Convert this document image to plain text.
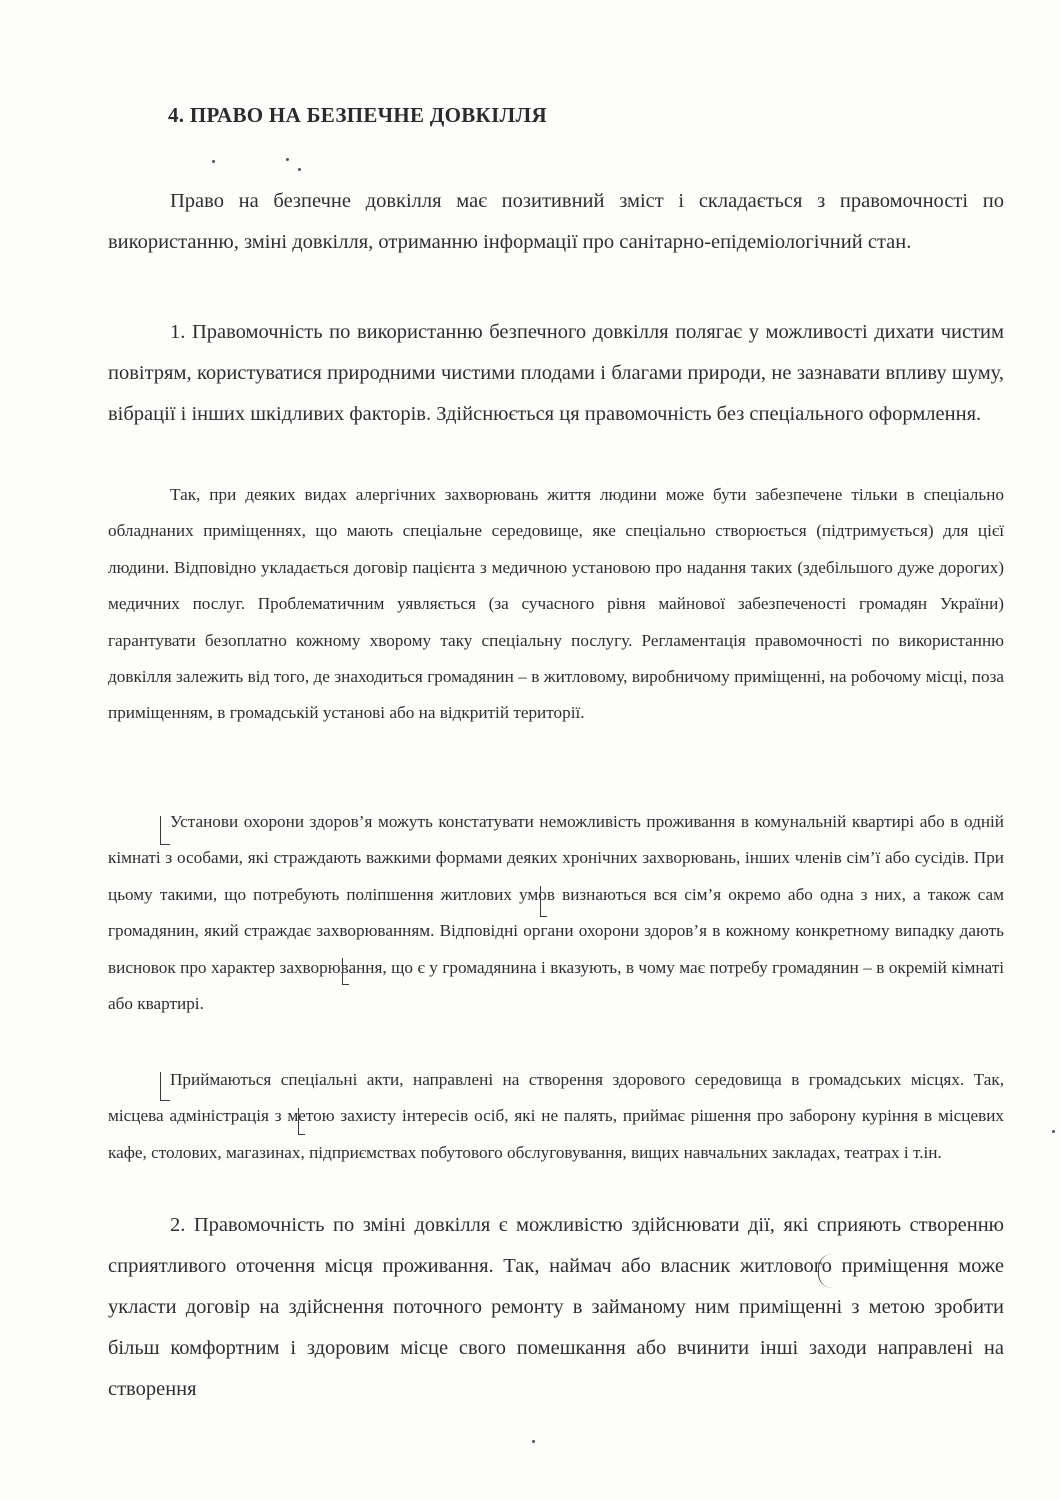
4. ПРАВО НА БЕЗПЕЧНЕ ДОВКІЛЛЯ
Право на безпечне довкілля має позитивний зміст і складається з правомочності по використанню, зміні довкілля, отриманню інформації про санітарно-епідеміологічний стан.
1. Правомочність по використанню безпечного довкілля полягає у можливості дихати чистим повітрям, користуватися природними чистими плодами і благами природи, не зазнавати впливу шуму, вібрації і інших шкідливих факторів. Здійснюється ця правомочність без спеціального оформлення.
Так, при деяких видах алергічних захворювань життя людини може бути забезпечене тільки в спеціально обладнаних приміщеннях, що мають спеціальне середовище, яке спеціально створюється (підтримується) для цієї людини. Відповідно укладається договір пацієнта з медичною установою про надання таких (здебільшого дуже дорогих) медичних послуг. Проблематичним уявляється (за сучасного рівня майнової забезпеченості громадян України) гарантувати безоплатно кожному хворому таку спеціальну послугу. Регламентація правомочності по використанню довкілля залежить від того, де знаходиться громадянин – в житловому, виробничому приміщенні, на робочому місці, поза приміщенням, в громадській установі або на відкритій території.
Установи охорони здоров’я можуть констатувати неможливість проживання в комунальній квартирі або в одній кімнаті з особами, які страждають важкими формами деяких хронічних захворювань, інших членів сім’ї або сусідів. При цьому такими, що потребують поліпшення житлових умов визнаються вся сім’я окремо або одна з них, а також сам громадянин, який страждає захворюванням. Відповідні органи охорони здоров’я в кожному конкретному випадку дають висновок про характер захворювання, що є у громадянина і вказують, в чому має потребу громадянин – в окремій кімнаті або квартирі.
Приймаються спеціальні акти, направлені на створення здорового середовища в громадських місцях. Так, місцева адміністрація з метою захисту інтересів осіб, які не палять, приймає рішення про заборону куріння в місцевих кафе, столових, магазинах, підприємствах побутового обслуговування, вищих навчальних закладах, театрах і т.ін.
2. Правомочність по зміні довкілля є можливістю здійснювати дії, які сприяють створенню сприятливого оточення місця проживання. Так, наймач або власник житлового приміщення може укласти договір на здійснення поточного ремонту в займаному ним приміщенні з метою зробити більш комфортним і здоровим місце свого помешкання або вчинити інші заходи направлені на створення
